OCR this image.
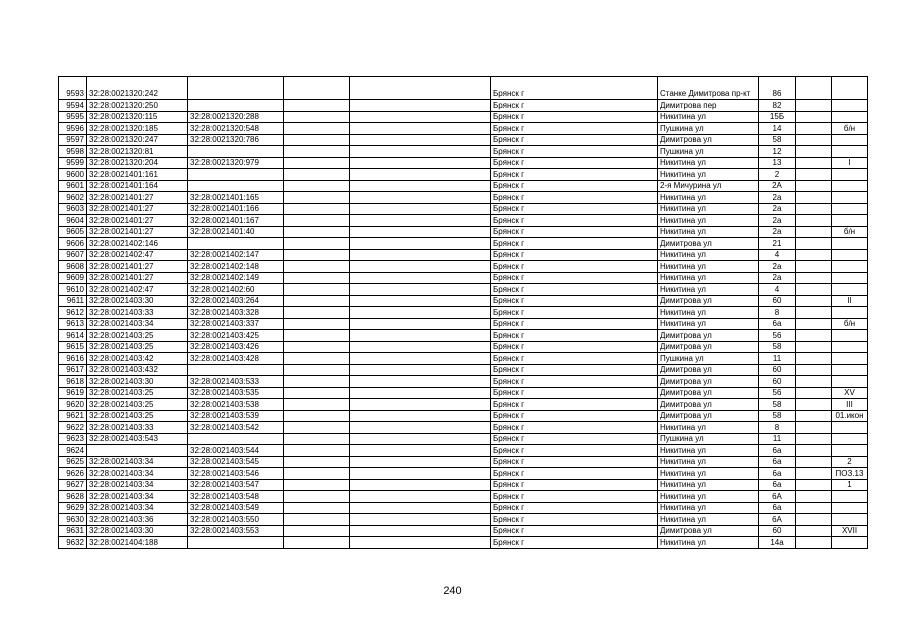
9593	32:28:0021320:242				Брянск г	Станке Димитрова пр-кт	86		
9594	32:28:0021320:250				Брянск г	Димитрова пер	82		
9595	32:28:0021320:115	32:28:0021320:288			Брянск г	Никитина ул	15Б		
9596	32:28:0021320:185	32:28:0021320:548			Брянск г	Пушкина ул	14		б/н
9597	32:28:0021320:247	32:28:0021320:786			Брянск г	Димитрова ул	58		
9598	32:28:0021320:81				Брянск г	Пушкина ул	12		
9599	32:28:0021320:204	32:28:0021320:979			Брянск г	Никитина ул	13		I
9600	32:28:0021401:161				Брянск г	Никитина ул	2		
9601	32:28:0021401:164				Брянск г	2-я Мичурина ул	2А		
9602	32:28:0021401:27	32:28:0021401:165			Брянск г	Никитина ул	2а		
9603	32:28:0021401:27	32:28:0021401:166			Брянск г	Никитина ул	2а		
9604	32:28:0021401:27	32:28:0021401:167			Брянск г	Никитина ул	2а		
9605	32:28:0021401:27	32:28:0021401:40			Брянск г	Никитина ул	2а		б/н
9606	32:28:0021402:146				Брянск г	Димитрова ул	21		
9607	32:28:0021402:47	32:28:0021402:147			Брянск г	Никитина ул	4		
9608	32:28:0021401:27	32:28:0021402:148			Брянск г	Никитина ул	2а		
9609	32:28:0021401:27	32:28:0021402:149			Брянск г	Никитина ул	2а		
9610	32:28:0021402:47	32:28:0021402:60			Брянск г	Никитина ул	4		
9611	32:28:0021403:30	32:28:0021403:264			Брянск г	Димитрова ул	60		II
9612	32:28:0021403:33	32:28:0021403:328			Брянск г	Никитина ул	8		
9613	32:28:0021403:34	32:28:0021403:337			Брянск г	Никитина ул	6а		б/н
9614	32:28:0021403:25	32:28:0021403:425			Брянск г	Димитрова ул	56		
9615	32:28:0021403:25	32:28:0021403:426			Брянск г	Димитрова ул	58		
9616	32:28:0021403:42	32:28:0021403:428			Брянск г	Пушкина ул	11		
9617	32:28:0021403:432				Брянск г	Димитрова ул	60		
9618	32:28:0021403:30	32:28:0021403:533			Брянск г	Димитрова ул	60		
9619	32:28:0021403:25	32:28:0021403:535			Брянск г	Димитрова ул	56		XV
9620	32:28:0021403:25	32:28:0021403:538			Брянск г	Димитрова ул	58		III
9621	32:28:0021403:25	32:28:0021403:539			Брянск г	Димитрова ул	58		01.икон
9622	32:28:0021403:33	32:28:0021403:542			Брянск г	Никитина ул	8		
9623	32:28:0021403:543				Брянск г	Пушкина ул	11		
9624		32:28:0021403:544			Брянск г	Никитина ул	6а		
9625	32:28:0021403:34	32:28:0021403:545			Брянск г	Никитина ул	6а		2
9626	32:28:0021403:34	32:28:0021403:546			Брянск г	Никитина ул	6а		ПОЗ.13
9627	32:28:0021403:34	32:28:0021403:547			Брянск г	Никитина ул	6а		1
9628	32:28:0021403:34	32:28:0021403:548			Брянск г	Никитина ул	6А		
9629	32:28:0021403:34	32:28:0021403:549			Брянск г	Никитина ул	6а		
9630	32:28:0021403:36	32:28:0021403:550			Брянск г	Никитина ул	6А		
9631	32:28:0021403:30	32:28:0021403:553			Брянск г	Димитрова ул	60		XVII
9632	32:28:0021404:188				Брянск г	Никитина ул	14а		
240
